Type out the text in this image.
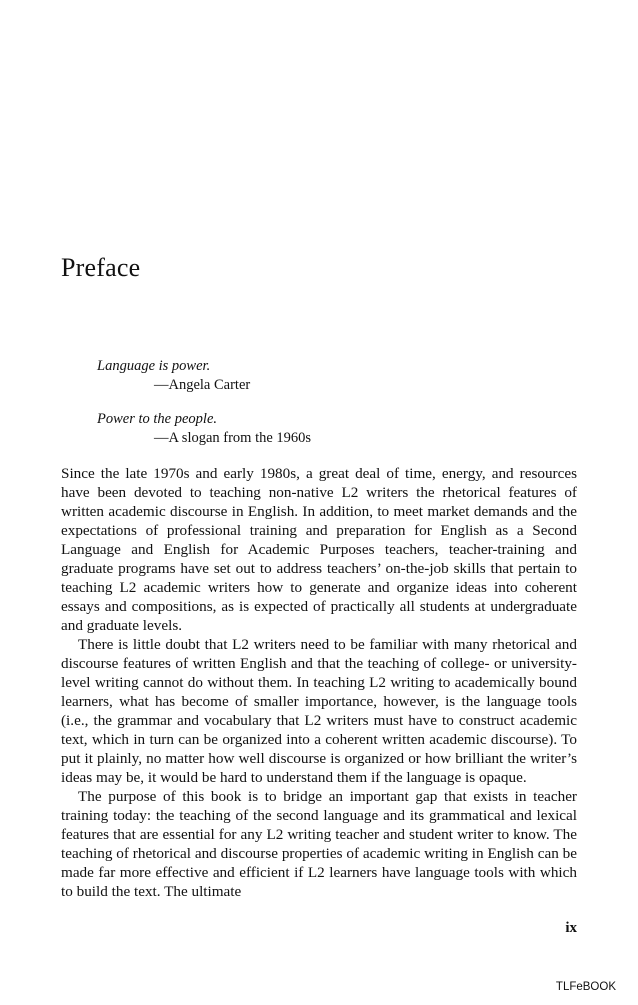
Preface
Language is power.
—Angela Carter
Power to the people.
—A slogan from the 1960s

Since the late 1970s and early 1980s, a great deal of time, energy, and resources have been devoted to teaching non-native L2 writers the rhetorical features of written academic discourse in English. In addition, to meet market demands and the expectations of professional training and preparation for English as a Second Language and English for Academic Purposes teachers, teacher-training and graduate programs have set out to address teachers’ on-the-job skills that pertain to teaching L2 academic writers how to generate and organize ideas into coherent essays and compositions, as is expected of practically all students at undergraduate and graduate levels.

There is little doubt that L2 writers need to be familiar with many rhetorical and discourse features of written English and that the teaching of college- or university-level writing cannot do without them. In teaching L2 writing to academically bound learners, what has become of smaller importance, however, is the language tools (i.e., the grammar and vocabulary that L2 writers must have to construct academic text, which in turn can be organized into a coherent written academic discourse). To put it plainly, no matter how well discourse is organized or how brilliant the writer’s ideas may be, it would be hard to understand them if the language is opaque.

The purpose of this book is to bridge an important gap that exists in teacher training today: the teaching of the second language and its grammatical and lexical features that are essential for any L2 writing teacher and student writer to know. The teaching of rhetorical and discourse properties of academic writing in English can be made far more effective and efficient if L2 learners have language tools with which to build the text. The ultimate

ix
TLFeBOOK
